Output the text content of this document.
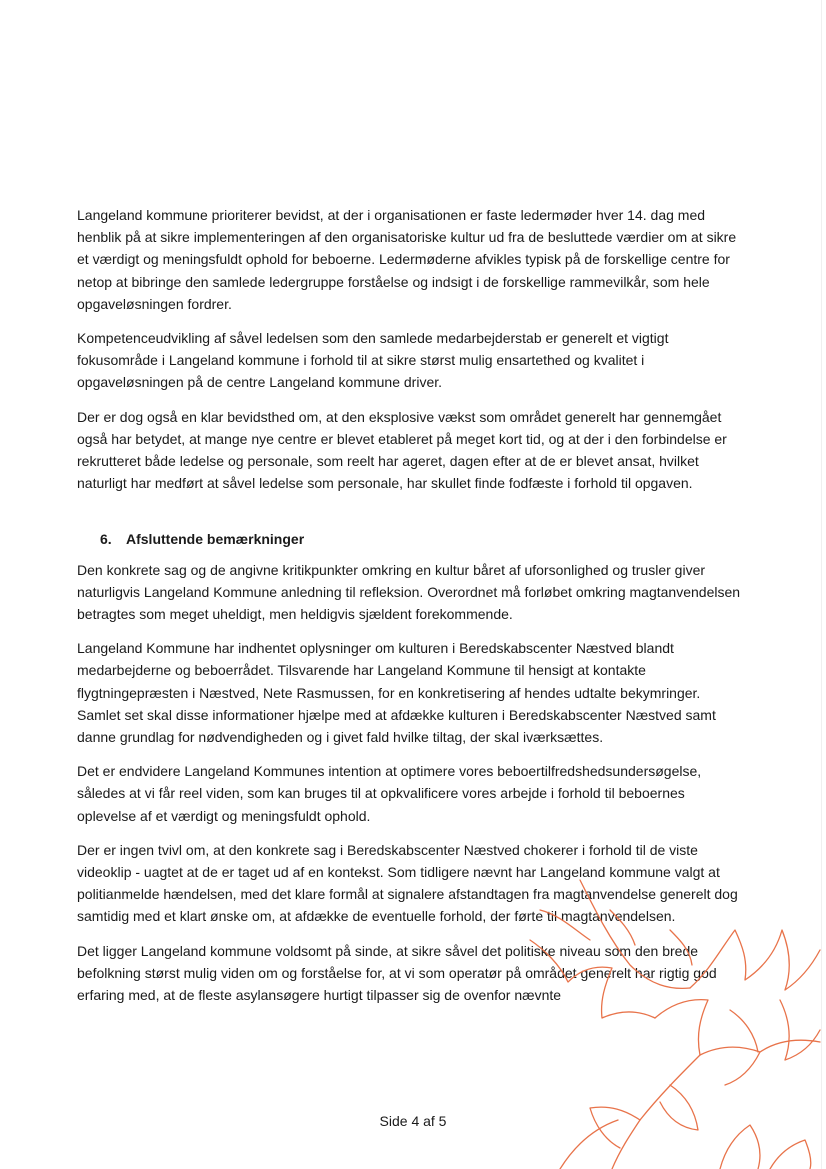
Langeland kommune prioriterer bevidst, at der i organisationen er faste ledermøder hver 14. dag med henblik på at sikre implementeringen af den organisatoriske kultur ud fra de besluttede værdier om at sikre et værdigt og meningsfuldt ophold for beboerne. Ledermøderne afvikles typisk på de forskellige centre for netop at bibringe den samlede ledergruppe forståelse og indsigt i de forskellige rammevilkår, som hele opgaveløsningen fordrer.

Kompetenceudvikling af såvel ledelsen som den samlede medarbejderstab er generelt et vigtigt fokusområde i Langeland kommune i forhold til at sikre størst mulig ensartethed og kvalitet i opgaveløsningen på de centre Langeland kommune driver.

Der er dog også en klar bevidsthed om, at den eksplosive vækst som området generelt har gennemgået også har betydet, at mange nye centre er blevet etableret på meget kort tid, og at der i den forbindelse er rekrutteret både ledelse og personale, som reelt har ageret, dagen efter at de er blevet ansat, hvilket naturligt har medført at såvel ledelse som personale, har skullet finde fodfæste i forhold til opgaven.

6. Afsluttende bemærkninger

Den konkrete sag og de angivne kritikpunkter omkring en kultur båret af uforsonlighed og trusler giver naturligvis Langeland Kommune anledning til refleksion. Overordnet må forløbet omkring magtanvendelsen betragtes som meget uheldigt, men heldigvis sjældent forekommende.

Langeland Kommune har indhentet oplysninger om kulturen i Beredskabscenter Næstved blandt medarbejderne og beboerrådet. Tilsvarende har Langeland Kommune til hensigt at kontakte flygtningepræsten i Næstved, Nete Rasmussen, for en konkretisering af hendes udtalte bekymringer. Samlet set skal disse informationer hjælpe med at afdække kulturen i Beredskabscenter Næstved samt danne grundlag for nødvendigheden og i givet fald hvilke tiltag, der skal iværksættes.

Det er endvidere Langeland Kommunes intention at optimere vores beboertilfredshedsundersøgelse, således at vi får reel viden, som kan bruges til at opkvalificere vores arbejde i forhold til beboernes oplevelse af et værdigt og meningsfuldt ophold.

Der er ingen tvivl om, at den konkrete sag i Beredskabscenter Næstved chokerer i forhold til de viste videoklip - uagtet at de er taget ud af en kontekst. Som tidligere nævnt har Langeland kommune valgt at politianmelde hændelsen, med det klare formål at signalere afstandtagen fra magtanvendelse generelt dog samtidig med et klart ønske om, at afdække de eventuelle forhold, der førte til magtanvendelsen.

Det ligger Langeland kommune voldsomt på sinde, at sikre såvel det politiske niveau som den brede befolkning størst mulig viden om og forståelse for, at vi som operatør på området generelt har rigtig god erfaring med, at de fleste asylansøgere hurtigt tilpasser sig de ovenfor nævnte

Side 4 af 5
